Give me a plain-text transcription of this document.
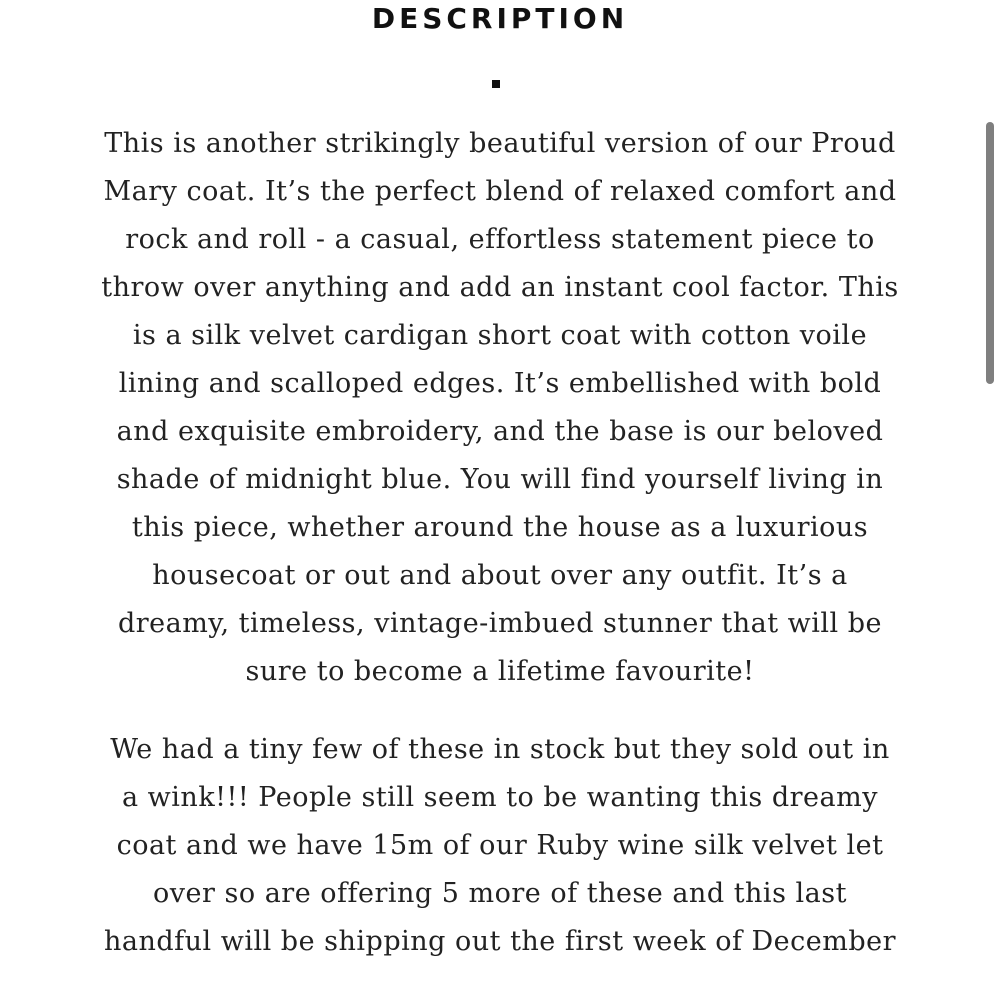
DESCRIPTION

This is another strikingly beautiful version of our Proud Mary coat. It’s the perfect blend of relaxed comfort and rock and roll - a casual, effortless statement piece to throw over anything and add an instant cool factor. This is a silk velvet cardigan short coat with cotton voile lining and scalloped edges. It’s embellished with bold and exquisite embroidery, and the base is our beloved shade of midnight blue. You will find yourself living in this piece, whether around the house as a luxurious housecoat or out and about over any outfit. It’s a dreamy, timeless, vintage-imbued stunner that will be sure to become a lifetime favourite!

We had a tiny few of these in stock but they sold out in a wink!!! People still seem to be wanting this dreamy coat and we have 15m of our Ruby wine silk velvet let over so are offering 5 more of these and this last handful will be shipping out the first week of December
